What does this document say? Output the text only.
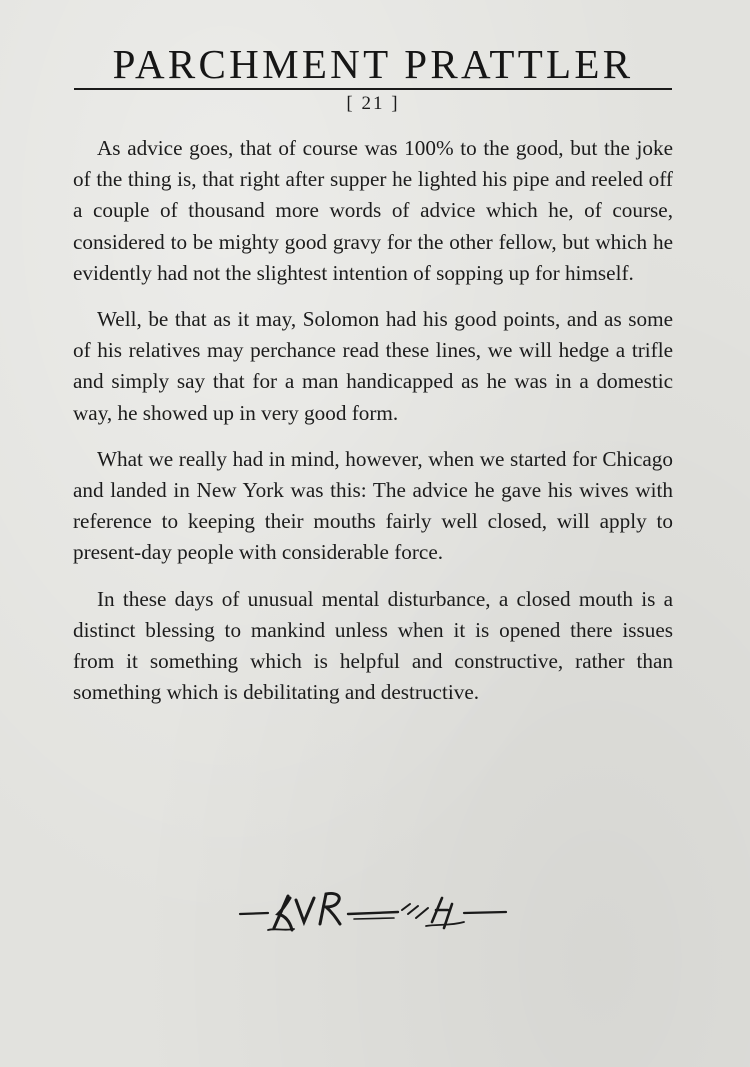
PARCHMENT PRATTLER
[ 21 ]

As advice goes, that of course was 100% to the good, but the joke of the thing is, that right after supper he lighted his pipe and reeled off a couple of thousand more words of advice which he, of course, considered to be mighty good gravy for the other fellow, but which he evidently had not the slightest intention of sopping up for himself.

Well, be that as it may, Solomon had his good points, and as some of his relatives may perchance read these lines, we will hedge a trifle and simply say that for a man handicapped as he was in a domestic way, he showed up in very good form.

What we really had in mind, however, when we started for Chicago and landed in New York was this: The advice he gave his wives with reference to keeping their mouths fairly well closed, will apply to present-day people with considerable force.

In these days of unusual mental disturbance, a closed mouth is a distinct blessing to mankind unless when it is opened there issues from it something which is helpful and constructive, rather than something which is debilitating and destructive.
